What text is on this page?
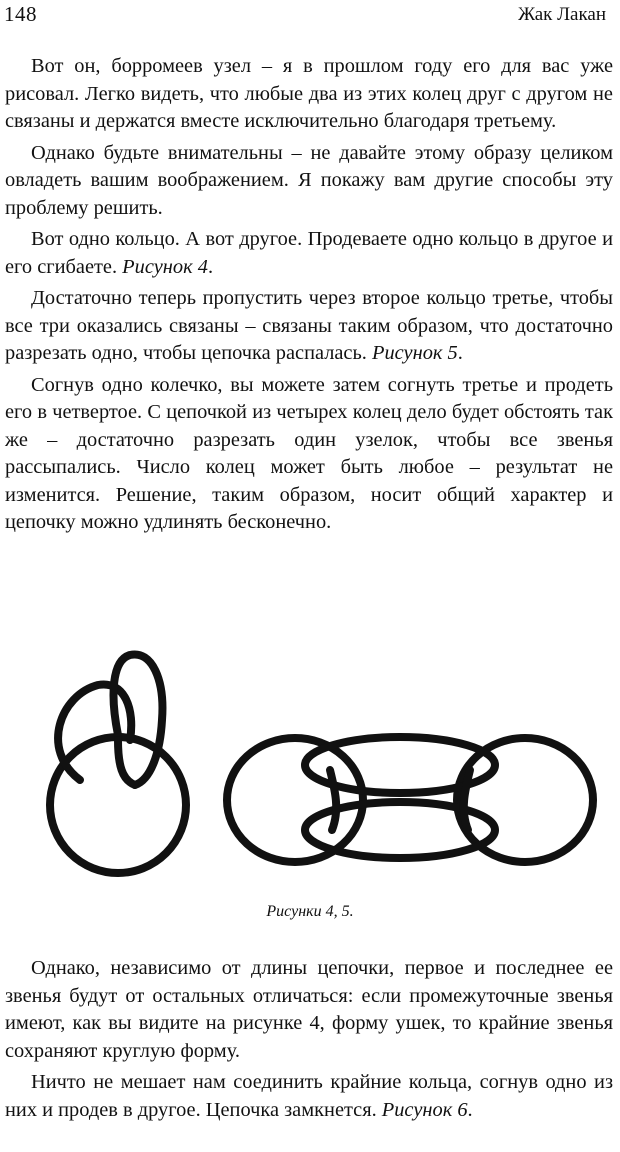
148	Жак Лакан

Вот он, борромеев узел – я в прошлом году его для вас уже рисовал. Легко видеть, что любые два из этих колец друг с другом не связаны и держатся вместе исключительно благодаря третьему.

Однако будьте внимательны – не давайте этому образу целиком овладеть вашим воображением. Я покажу вам другие способы эту проблему решить.

Вот одно кольцо. А вот другое. Продеваете одно кольцо в другое и его сгибаете. Рисунок 4.

Достаточно теперь пропустить через второе кольцо третье, чтобы все три оказались связаны – связаны таким образом, что достаточно разрезать одно, чтобы цепочка распалась. Рисунок 5.

Согнув одно колечко, вы можете затем согнуть третье и продеть его в четвертое. С цепочкой из четырех колец дело будет обстоять так же – достаточно разрезать один узелок, чтобы все звенья рассыпались. Число колец может быть любое – результат не изменится. Решение, таким образом, носит общий характер и цепочку можно удлинять бесконечно.

Рисунки 4, 5.

Однако, независимо от длины цепочки, первое и последнее ее звенья будут от остальных отличаться: если промежуточные звенья имеют, как вы видите на рисунке 4, форму ушек, то крайние звенья сохраняют круглую форму.

Ничто не мешает нам соединить крайние кольца, согнув одно из них и продев в другое. Цепочка замкнется. Рисунок 6.
